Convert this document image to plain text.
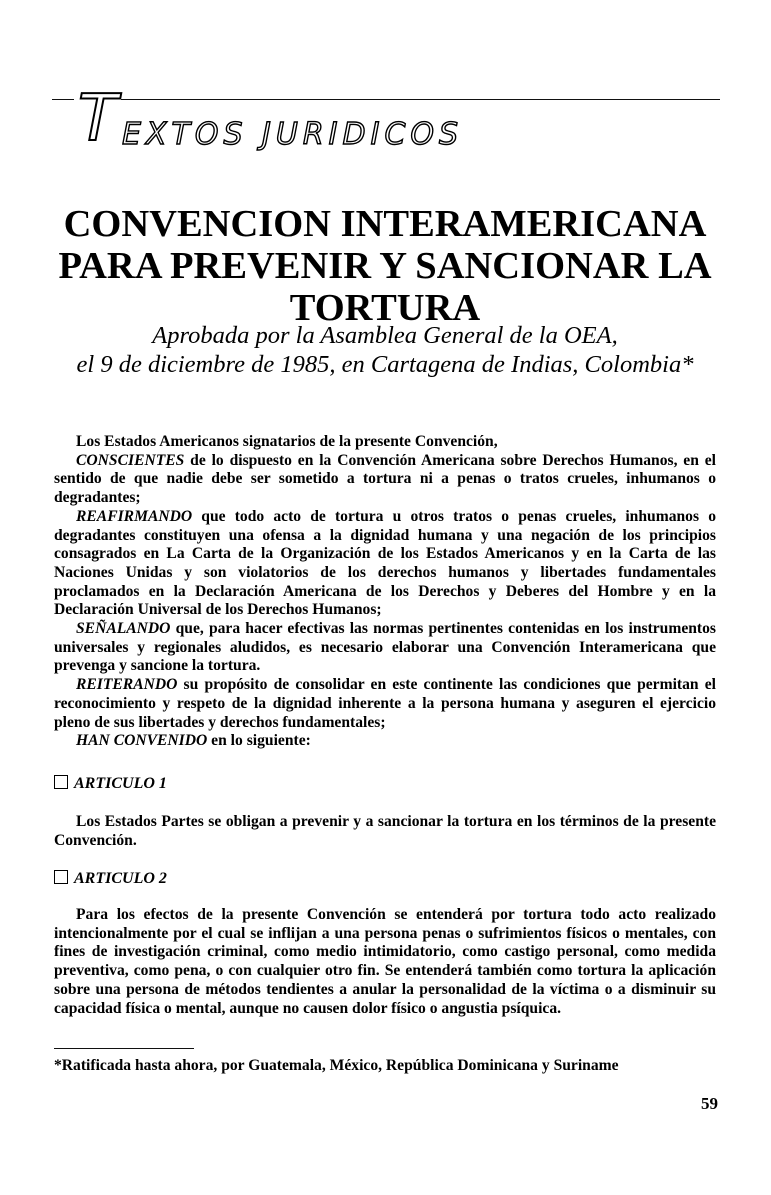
T EXTOS JURIDICOS
CONVENCION INTERAMERICANA
PARA PREVENIR Y SANCIONAR LA
TORTURA
Aprobada por la Asamblea General de la OEA,
el 9 de diciembre de 1985, en Cartagena de Indias, Colombia*

Los Estados Americanos signatarios de la presente Convención,

CONSCIENTES de lo dispuesto en la Convención Americana sobre Derechos Humanos, en el sentido de que nadie debe ser sometido a tortura ni a penas o tratos crueles, inhumanos o degradantes;

REAFIRMANDO que todo acto de tortura u otros tratos o penas crueles, inhumanos o degradantes constituyen una ofensa a la dignidad humana y una negación de los principios consagrados en La Carta de la Organización de los Estados Americanos y en la Carta de las Naciones Unidas y son violatorios de los derechos humanos y libertades fundamentales proclamados en la Declaración Americana de los Derechos y Deberes del Hombre y en la Declaración Universal de los Derechos Humanos;

SEÑALANDO que, para hacer efectivas las normas pertinentes contenidas en los instrumentos universales y regionales aludidos, es necesario elaborar una Convención Interamericana que prevenga y sancione la tortura.

REITERANDO su propósito de consolidar en este continente las condiciones que permitan el reconocimiento y respeto de la dignidad inherente a la persona humana y aseguren el ejercicio pleno de sus libertades y derechos fundamentales;

HAN CONVENIDO en lo siguiente:

ARTICULO 1

Los Estados Partes se obligan a prevenir y a sancionar la tortura en los términos de la presente Convención.

ARTICULO 2

Para los efectos de la presente Convención se entenderá por tortura todo acto realizado intencionalmente por el cual se inflijan a una persona penas o sufrimientos físicos o mentales, con fines de investigación criminal, como medio intimidatorio, como castigo personal, como medida preventiva, como pena, o con cualquier otro fin. Se entenderá también como tortura la aplicación sobre una persona de métodos tendientes a anular la personalidad de la víctima o a disminuir su capacidad física o mental, aunque no causen dolor físico o angustia psíquica.

*Ratificada hasta ahora, por Guatemala, México, República Dominicana y Suriname
59
